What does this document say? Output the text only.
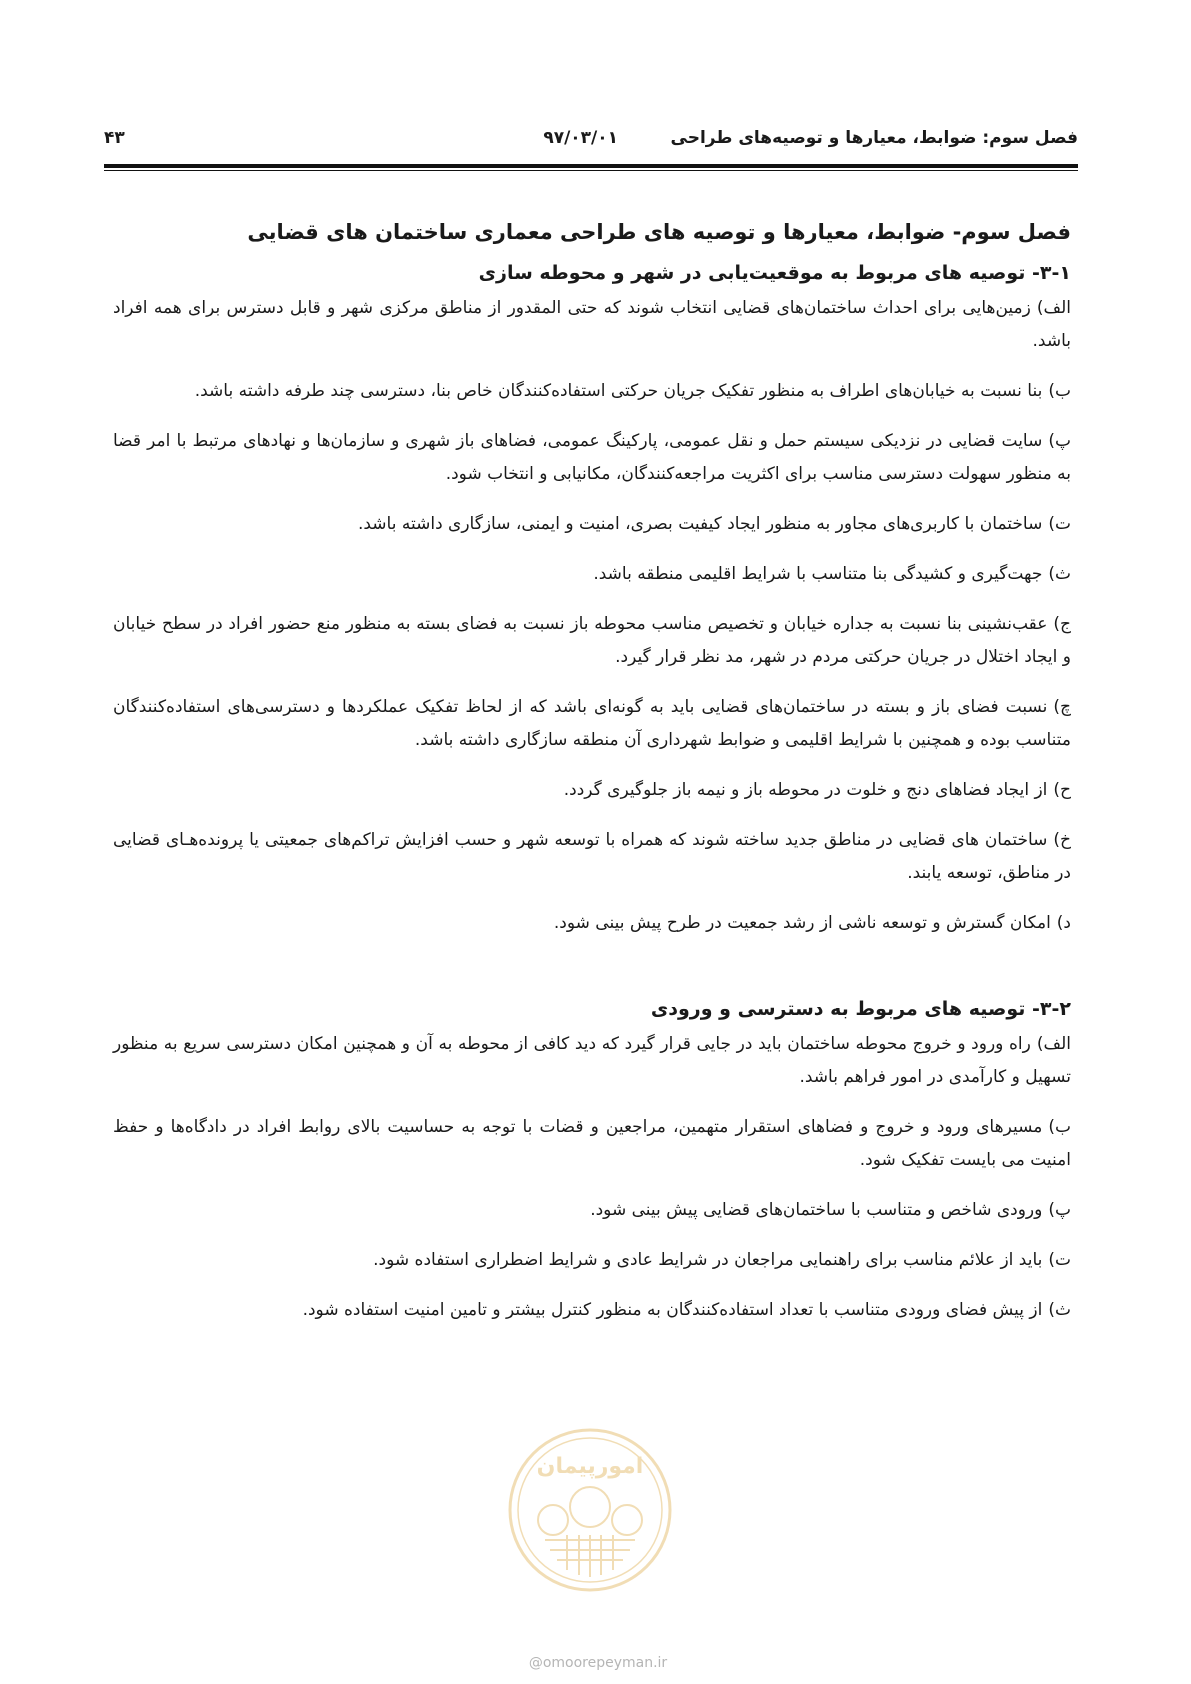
فصل سوم: ضوابط، معیارها و توصیه‌های طراحی
۹۷/۰۳/۰۱
۴۳
فصل سوم- ضوابط، معیارها و توصیه های طراحی معماری ساختمان های قضایی
۳-۱- توصیه های مربوط به موقعیت‌یابی در شهر و محوطه سازی
الف)زمین‌هایی برای احداث ساختمان‌های قضایی انتخاب شوند که حتی المقدور از مناطق مرکزی شهر و قابل دسترس برای همه افراد باشد.
ب)بنا نسبت به خیابان‌های اطراف به منظور تفکیک جریان حرکتی استفاده‌کنندگان خاص بنا، دسترسی چند طرفه داشته باشد.
پ)سایت قضایی در نزدیکی سیستم حمل و نقل عمومی، پارکینگ عمومی، فضاهای باز شهری و سازمان‌ها و نهادهای مرتبط با امر قضا به منظور سهولت دسترسی مناسب برای اکثریت مراجعه‌کنندگان، مکانیابی و انتخاب شود.
ت)ساختمان با کاربری‌های مجاور به منظور ایجاد کیفیت بصری، امنیت و ایمنی، سازگاری داشته باشد.
ث)جهت‌گیری و کشیدگی بنا متناسب با شرایط اقلیمی منطقه باشد.
ج)عقب‌نشینی بنا نسبت به جداره خیابان و تخصیص مناسب محوطه باز نسبت به فضای بسته به منظور منع حضور افراد در سطح خیابان و ایجاد اختلال در جریان حرکتی مردم در شهر، مد نظر قرار گیرد.
چ)نسبت فضای باز و بسته در ساختمان‌های قضایی باید به گونه‌ای باشد که از لحاظ تفکیک عملکردها و دسترسی‌های استفاده‌کنندگان متناسب بوده و همچنین با شرایط اقلیمی و ضوابط شهرداری آن منطقه سازگاری داشته باشد.
ح)از ایجاد فضاهای دنج و خلوت در محوطه باز و نیمه باز جلوگیری گردد.
خ)ساختمان های قضایی در مناطق جدید ساخته شوند که همراه با توسعه شهر و حسب افزایش تراکم‌های جمعیتی یا پرونده‌هـای قضایی در مناطق، توسعه یابند.
د)امکان گسترش و توسعه ناشی از رشد جمعیت در طرح پیش بینی شود.
۳-۲- توصیه های مربوط به دسترسی و ورودی
الف)راه ورود و خروج محوطه ساختمان باید در جایی قرار گیرد که دید کافی از محوطه به آن و همچنین امکان دسترسی سریع به منظور تسهیل و کارآمدی در امور فراهم باشد.
ب)مسیرهای ورود و خروج و فضاهای استقرار متهمین، مراجعین و قضات با توجه به حساسیت بالای روابط افراد در دادگاه‌ها و حفظ امنیت می بایست تفکیک شود.
پ)ورودی شاخص و متناسب با ساختمان‌های قضایی پیش بینی شود.
ت)باید از علائم مناسب برای راهنمایی مراجعان در شرایط عادی و شرایط اضطراری استفاده شود.
ث)از پیش فضای ورودی متناسب با تعداد استفاده‌کنندگان به منظور کنترل بیشتر و تامین امنیت استفاده شود.
امورپیمان
@omoorepeyman.ir
